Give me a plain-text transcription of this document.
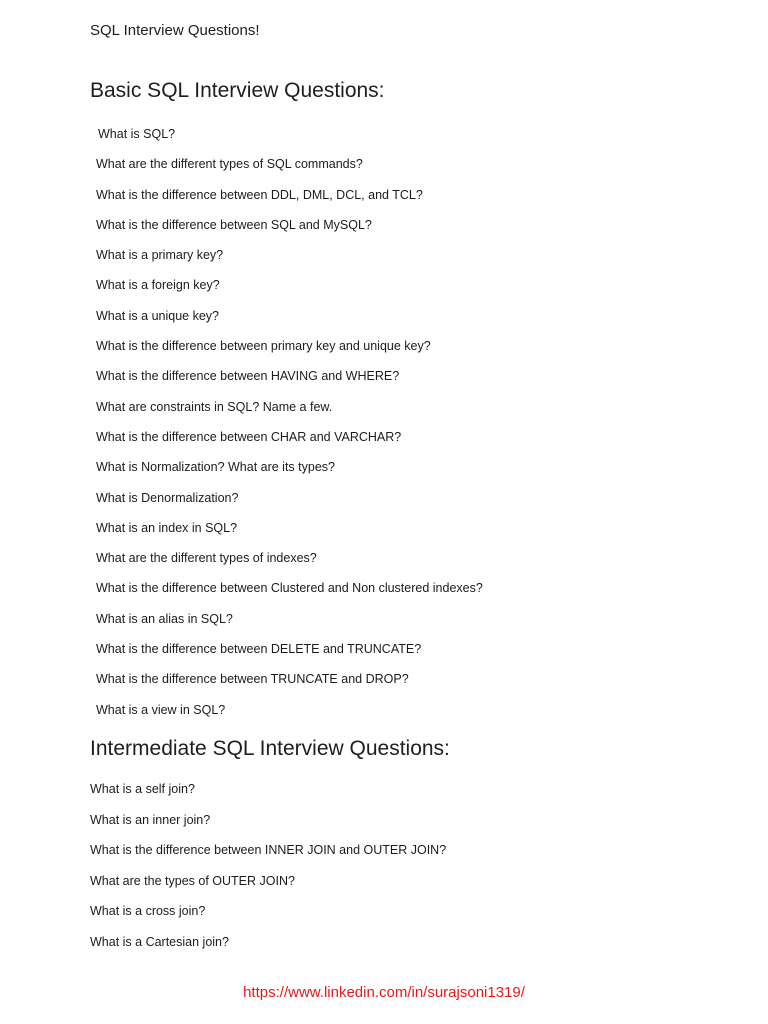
SQL Interview Questions!
Basic SQL Interview Questions:
What is SQL?
What are the different types of SQL commands?
What is the difference between DDL, DML, DCL, and TCL?
What is the difference between SQL and MySQL?
What is a primary key?
What is a foreign key?
What is a unique key?
What is the difference between primary key and unique key?
What is the difference between HAVING and WHERE?
What are constraints in SQL? Name a few.
What is the difference between CHAR and VARCHAR?
What is Normalization? What are its types?
What is Denormalization?
What is an index in SQL?
What are the different types of indexes?
What is the difference between Clustered and Non clustered indexes?
What is an alias in SQL?
What is the difference between DELETE and TRUNCATE?
What is the difference between TRUNCATE and DROP?
What is a view in SQL?
Intermediate SQL Interview Questions:
What is a self join?
What is an inner join?
What is the difference between INNER JOIN and OUTER JOIN?
What are the types of OUTER JOIN?
What is a cross join?
What is a Cartesian join?
https://www.linkedin.com/in/surajsoni1319/
